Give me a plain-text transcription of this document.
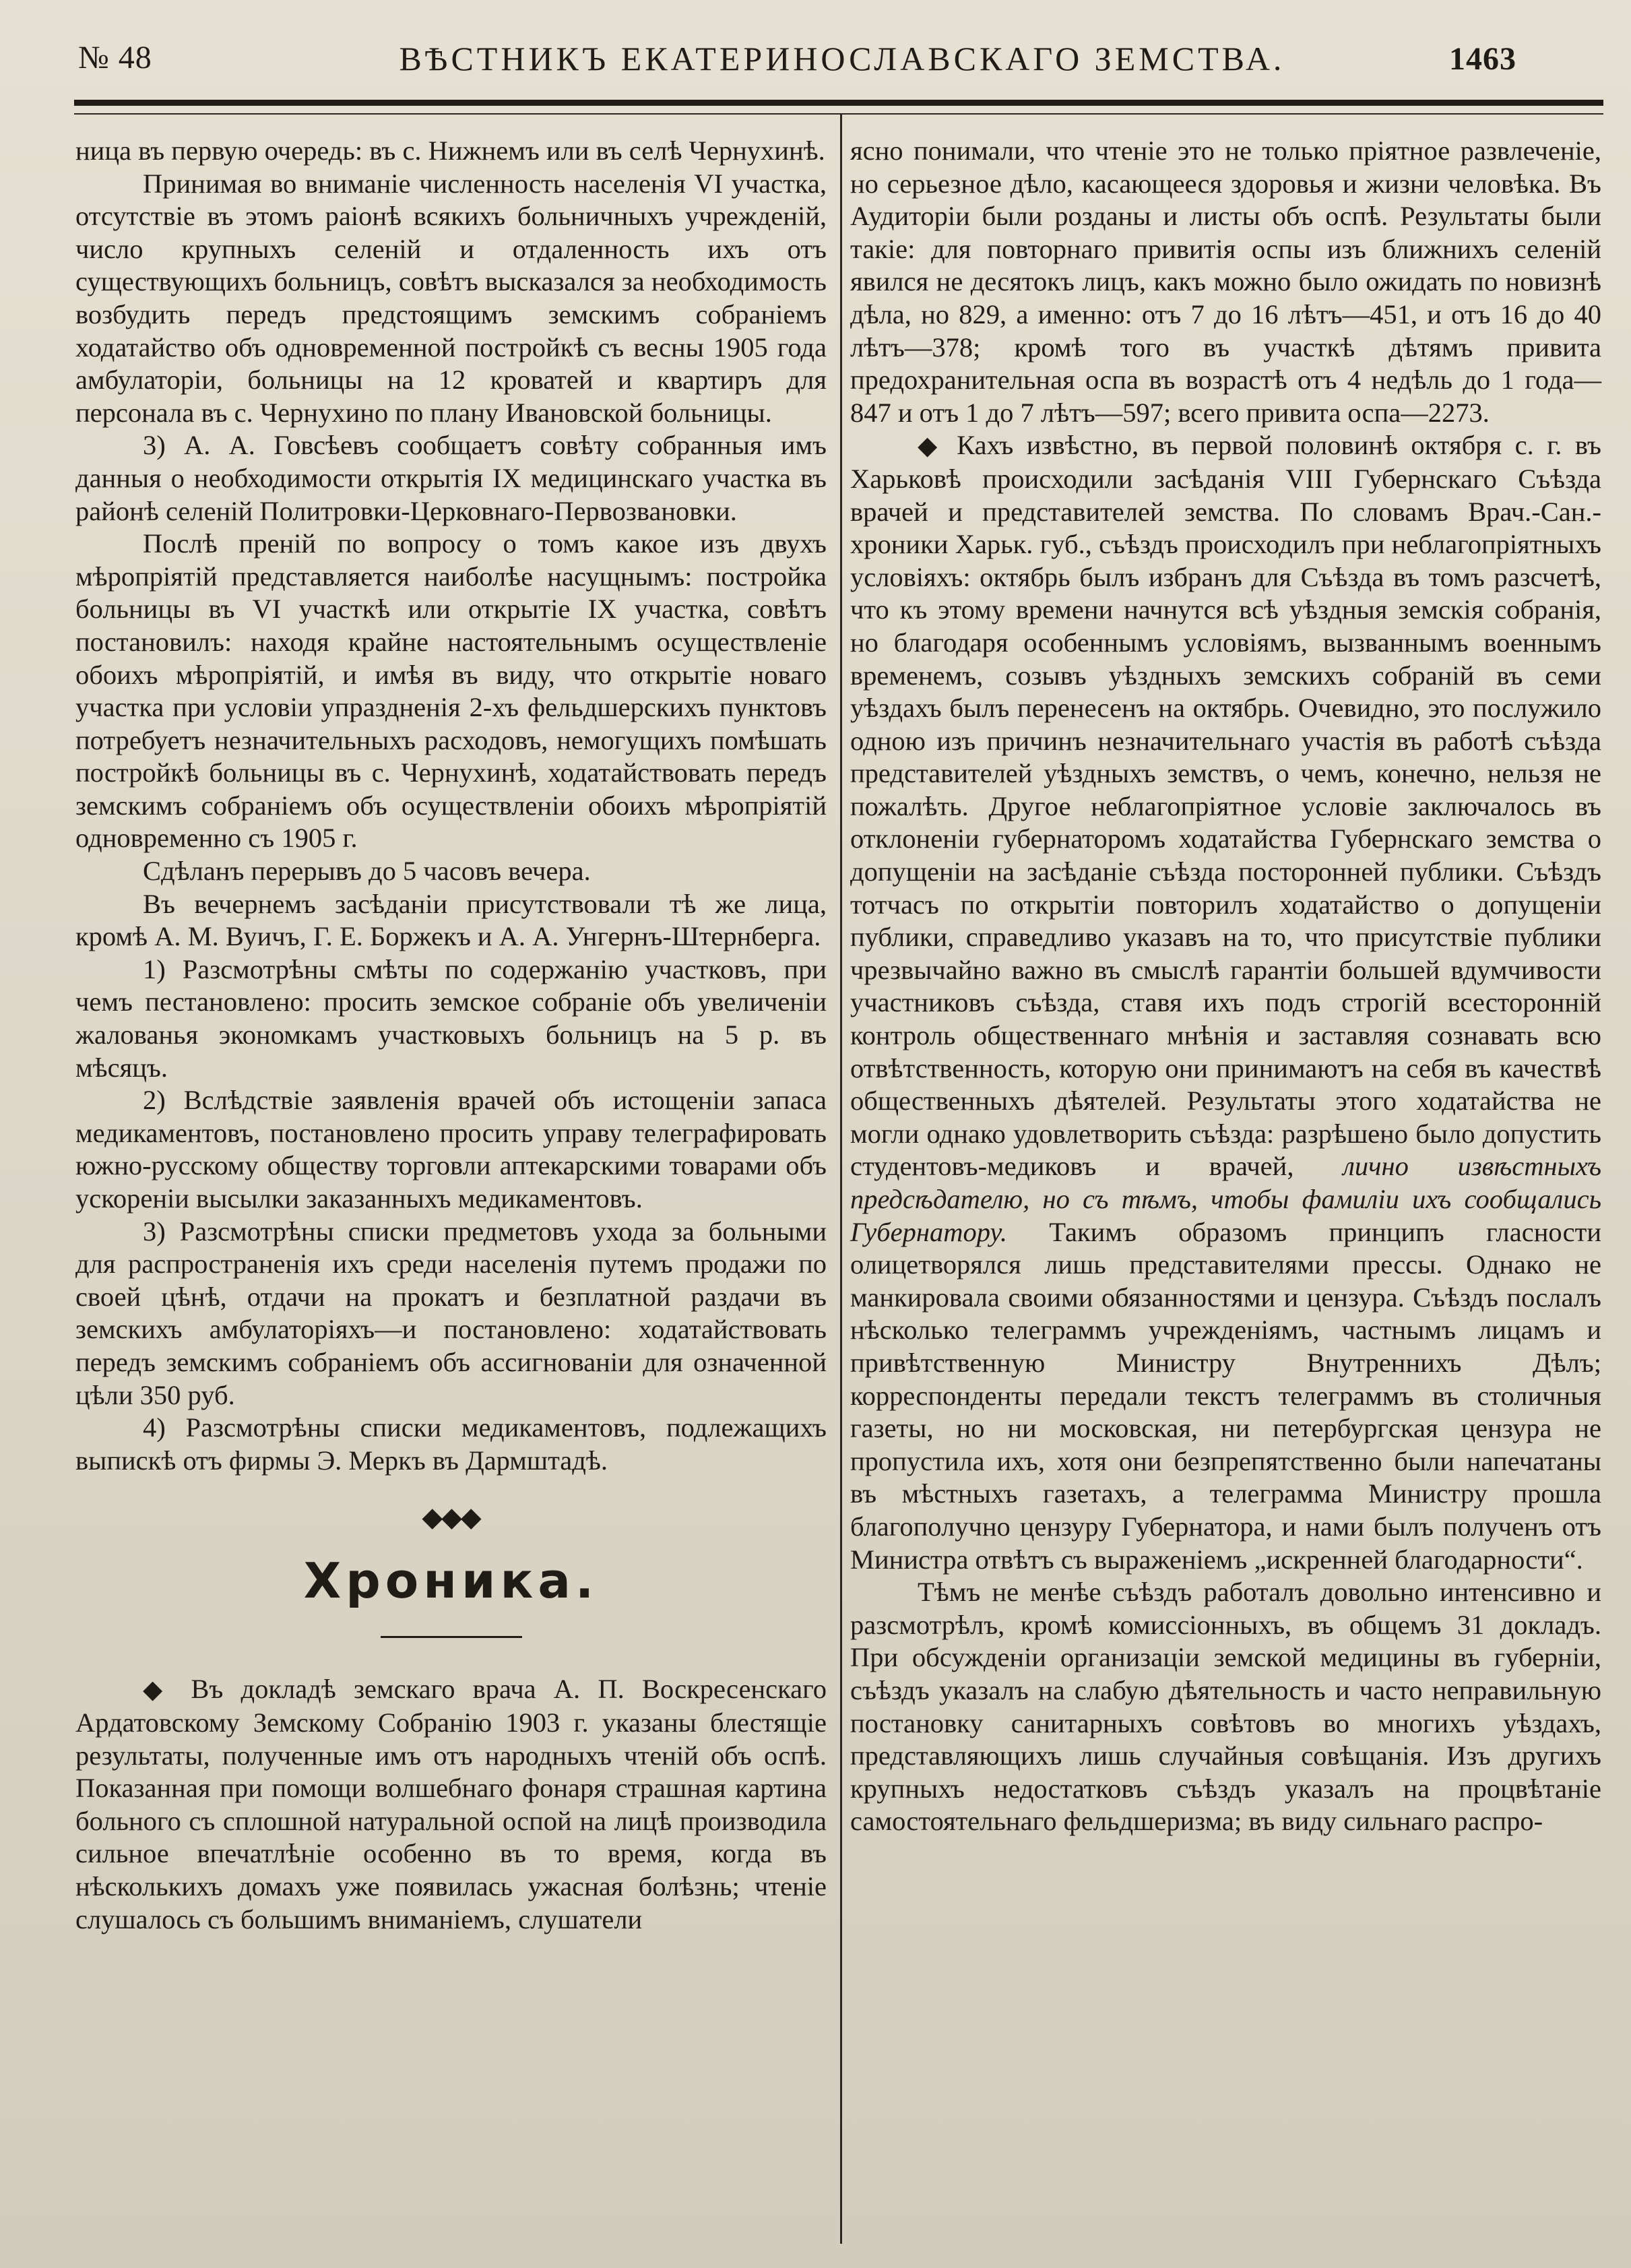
№ 48	ВѢСТНИКЪ ЕКАТЕРИНОСЛАВСКАГО ЗЕМСТВА.	1463

ница въ первую очередь: въ с. Нижнемъ или въ селѣ Чернухинѣ.

Принимая во вниманіе численность населенія VI участка, отсутствіе въ этомъ раіонѣ всякихъ больничныхъ учрежденій, число крупныхъ селеній и отдаленность ихъ отъ существующихъ больницъ, совѣтъ высказался за необходимость возбудить передъ предстоящимъ земскимъ собраніемъ ходатайство объ одновременной постройкѣ съ весны 1905 года амбулаторіи, больницы на 12 кроватей и квартиръ для персонала въ с. Чернухино по плану Ивановской больницы.

3) А. А. Говсѣевъ сообщаетъ совѣту собранныя имъ данныя о необходимости открытія IX медицинскаго участка въ районѣ селеній Политровки-Церковнаго-Первозвановки.

Послѣ преній по вопросу о томъ какое изъ двухъ мѣропріятій представляется наиболѣе насущнымъ: постройка больницы въ VI участкѣ или открытіе IX участка, совѣтъ постановилъ: находя крайне настоятельнымъ осуществленіе обоихъ мѣропріятій, и имѣя въ виду, что открытіе новаго участка при условіи упраздненія 2-хъ фельдшерскихъ пунктовъ потребуетъ незначительныхъ расходовъ, немогущихъ помѣшать постройкѣ больницы въ с. Чернухинѣ, ходатайствовать передъ земскимъ собраніемъ объ осуществленіи обоихъ мѣропріятій одновременно съ 1905 г.

Сдѣланъ перерывъ до 5 часовъ вечера.

Въ вечернемъ засѣданіи присутствовали тѣ же лица, кромѣ А. М. Вуичъ, Г. Е. Боржекъ и А. А. Унгернъ-Штернберга.

1) Разсмотрѣны смѣты по содержанію участковъ, при чемъ пестановлено: просить земское собраніе объ увеличеніи жалованья экономкамъ участковыхъ больницъ на 5 р. въ мѣсяцъ.

2) Вслѣдствіе заявленія врачей объ истощеніи запаса медикаментовъ, постановлено просить управу телеграфировать южно-русскому обществу торговли аптекарскими товарами объ ускореніи высылки заказанныхъ медикаментовъ.

3) Разсмотрѣны списки предметовъ ухода за больными для распространенія ихъ среди населенія путемъ продажи по своей цѣнѣ, отдачи на прокатъ и безплатной раздачи въ земскихъ амбулаторіяхъ—и постановлено: ходатайствовать передъ земскимъ собраніемъ объ ассигнованіи для означенной цѣли 350 руб.

4) Разсмотрѣны списки медикаментовъ, подлежащихъ выпискѣ отъ фирмы Э. Меркъ въ Дармштадѣ.

◆◆◆
Хроника.

◆ Въ докладѣ земскаго врача А. П. Воскресенскаго Ардатовскому Земскому Собранію 1903 г. указаны блестящіе результаты, полученные имъ отъ народныхъ чтеній объ оспѣ. Показанная при помощи волшебнаго фонаря страшная картина больного съ сплошной натуральной оспой на лицѣ производила сильное впечатлѣніе особенно въ то время, когда въ нѣсколькихъ домахъ уже появилась ужасная болѣзнь; чтеніе слушалось съ большимъ вниманіемъ, слушатели

ясно понимали, что чтеніе это не только пріятное развлеченіе, но серьезное дѣло, касающееся здоровья и жизни человѣка. Въ Аудиторіи были розданы и листы объ оспѣ. Результаты были такіе: для повторнаго привитія оспы изъ ближнихъ селеній явился не десятокъ лицъ, какъ можно было ожидать по новизнѣ дѣла, но 829, а именно: отъ 7 до 16 лѣтъ—451, и отъ 16 до 40 лѣтъ—378; кромѣ того въ участкѣ дѣтямъ привита предохранительная оспа въ возрастѣ отъ 4 недѣль до 1 года—847 и отъ 1 до 7 лѣтъ—597; всего привита оспа—2273.

◆ Кахъ извѣстно, въ первой половинѣ октября с. г. въ Харьковѣ происходили засѣданія VIII Губернскаго Съѣзда врачей и представителей земства. По словамъ Врач.-Сан.-хроники Харьк. губ., съѣздъ происходилъ при неблагопріятныхъ условіяхъ: октябрь былъ избранъ для Съѣзда въ томъ разсчетѣ, что къ этому времени начнутся всѣ уѣздныя земскія собранія, но благодаря особеннымъ условіямъ, вызваннымъ военнымъ временемъ, созывъ уѣздныхъ земскихъ собраній въ семи уѣздахъ былъ перенесенъ на октябрь. Очевидно, это послужило одною изъ причинъ незначительнаго участія въ работѣ съѣзда представителей уѣздныхъ земствъ, о чемъ, конечно, нельзя не пожалѣть. Другое неблагопріятное условіе заключалось въ отклоненіи губернаторомъ ходатайства Губернскаго земства о допущеніи на засѣданіе съѣзда посторонней публики. Съѣздъ тотчасъ по открытіи повторилъ ходатайство о допущеніи публики, справедливо указавъ на то, что присутствіе публики чрезвычайно важно въ смыслѣ гарантіи большей вдумчивости участниковъ съѣзда, ставя ихъ подъ строгій всесторонній контроль общественнаго мнѣнія и заставляя сознавать всю отвѣтственность, которую они принимаютъ на себя въ качествѣ общественныхъ дѣятелей. Результаты этого ходатайства не могли однако удовлетворить съѣзда: разрѣшено было допустить студентовъ-медиковъ и врачей, лично извѣстныхъ предсѣдателю, но съ тѣмъ, чтобы фамиліи ихъ сообщались Губернатору. Такимъ образомъ принципъ гласности олицетворялся лишь представителями прессы. Однако не манкировала своими обязанностями и цензура. Съѣздъ послалъ нѣсколько телеграммъ учрежденіямъ, частнымъ лицамъ и привѣтственную Министру Внутреннихъ Дѣлъ; корреспонденты передали текстъ телеграммъ въ столичныя газеты, но ни московская, ни петербургская цензура не пропустила ихъ, хотя они безпрепятственно были напечатаны въ мѣстныхъ газетахъ, а телеграмма Министру прошла благополучно цензуру Губернатора, и нами былъ полученъ отъ Министра отвѣтъ съ выраженіемъ „искренней благодарности“.

Тѣмъ не менѣе съѣздъ работалъ довольно интенсивно и разсмотрѣлъ, кромѣ комиссіонныхъ, въ общемъ 31 докладъ. При обсужденіи организаціи земской медицины въ губерніи, съѣздъ указалъ на слабую дѣятельность и часто неправильную постановку санитарныхъ совѣтовъ во многихъ уѣздахъ, представляющихъ лишь случайныя совѣщанія. Изъ другихъ крупныхъ недостатковъ съѣздъ указалъ на процвѣтаніе самостоятельнаго фельдшеризма; въ виду сильнаго распро-
